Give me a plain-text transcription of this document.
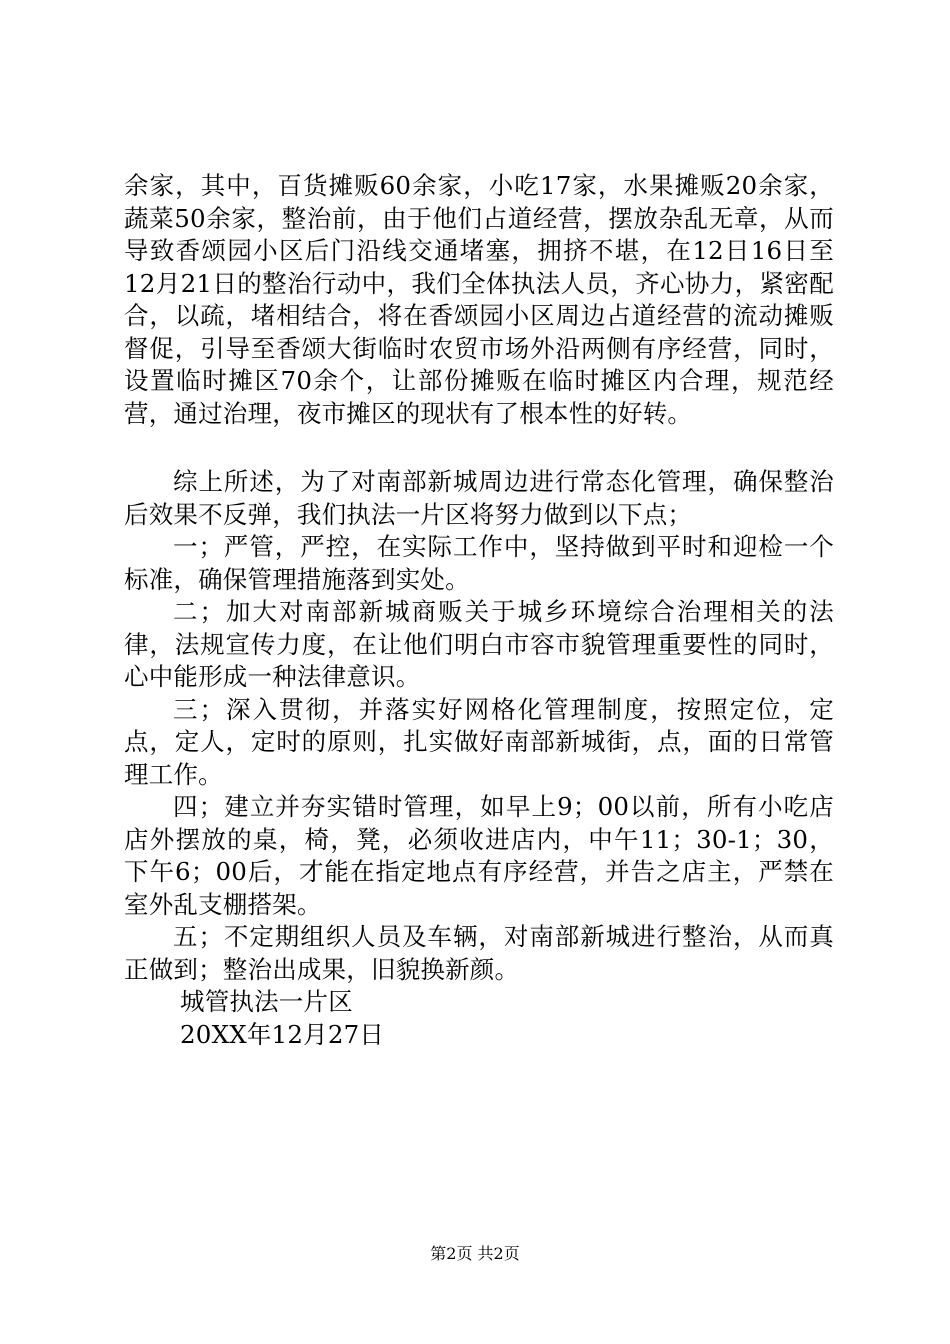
余家，其中，百货摊贩60余家，小吃17家，水果摊贩20余家，蔬菜50余家，整治前，由于他们占道经营，摆放杂乱无章，从而导致香颂园小区后门沿线交通堵塞，拥挤不堪，在12日16日至12月21日的整治行动中，我们全体执法人员，齐心协力，紧密配合，以疏，堵相结合，将在香颂园小区周边占道经营的流动摊贩督促，引导至香颂大街临时农贸市场外沿两侧有序经营，同时，设置临时摊区70余个，让部份摊贩在临时摊区内合理，规范经营，通过治理，夜市摊区的现状有了根本性的好转。

综上所述，为了对南部新城周边进行常态化管理，确保整治后效果不反弹，我们执法一片区将努力做到以下点；

一；严管，严控，在实际工作中，坚持做到平时和迎检一个标准，确保管理措施落到实处。

二；加大对南部新城商贩关于城乡环境综合治理相关的法律，法规宣传力度，在让他们明白市容市貌管理重要性的同时，心中能形成一种法律意识。

三；深入贯彻，并落实好网格化管理制度，按照定位，定点，定人，定时的原则，扎实做好南部新城街，点，面的日常管理工作。

四；建立并夯实错时管理，如早上9；00以前，所有小吃店店外摆放的桌，椅，凳，必须收进店内，中午11；30-1；30，下午6；00后，才能在指定地点有序经营，并告之店主，严禁在室外乱支棚搭架。

五；不定期组织人员及车辆，对南部新城进行整治，从而真正做到；整治出成果，旧貌换新颜。

城管执法一片区

20XX年12月27日

第2页 共2页
